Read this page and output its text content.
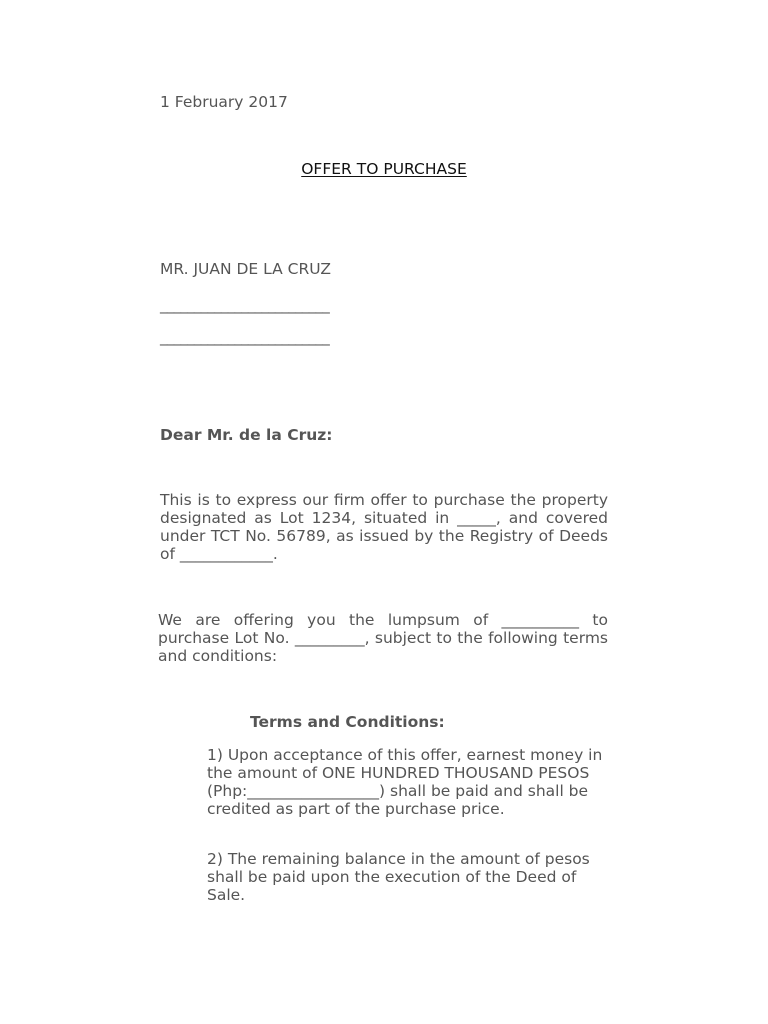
1 February 2017
OFFER TO PURCHASE
MR. JUAN DE LA CRUZ
_________________________
_________________________
Dear Mr. de la Cruz:

This is to express our firm offer to purchase the property designated as Lot 1234, situated in _____, and covered under TCT No. 56789, as issued by the Registry of Deeds of ____________.

We are offering you the lumpsum of __________ to purchase Lot No. _________, subject to the following terms and conditions:

Terms and Conditions:

1) Upon acceptance of this offer, earnest money in the amount of ONE HUNDRED THOUSAND PESOS (Php:_________________) shall be paid and shall be credited as part of the purchase price.

2) The remaining balance in the amount of pesos shall be paid upon the execution of the Deed of Sale.
